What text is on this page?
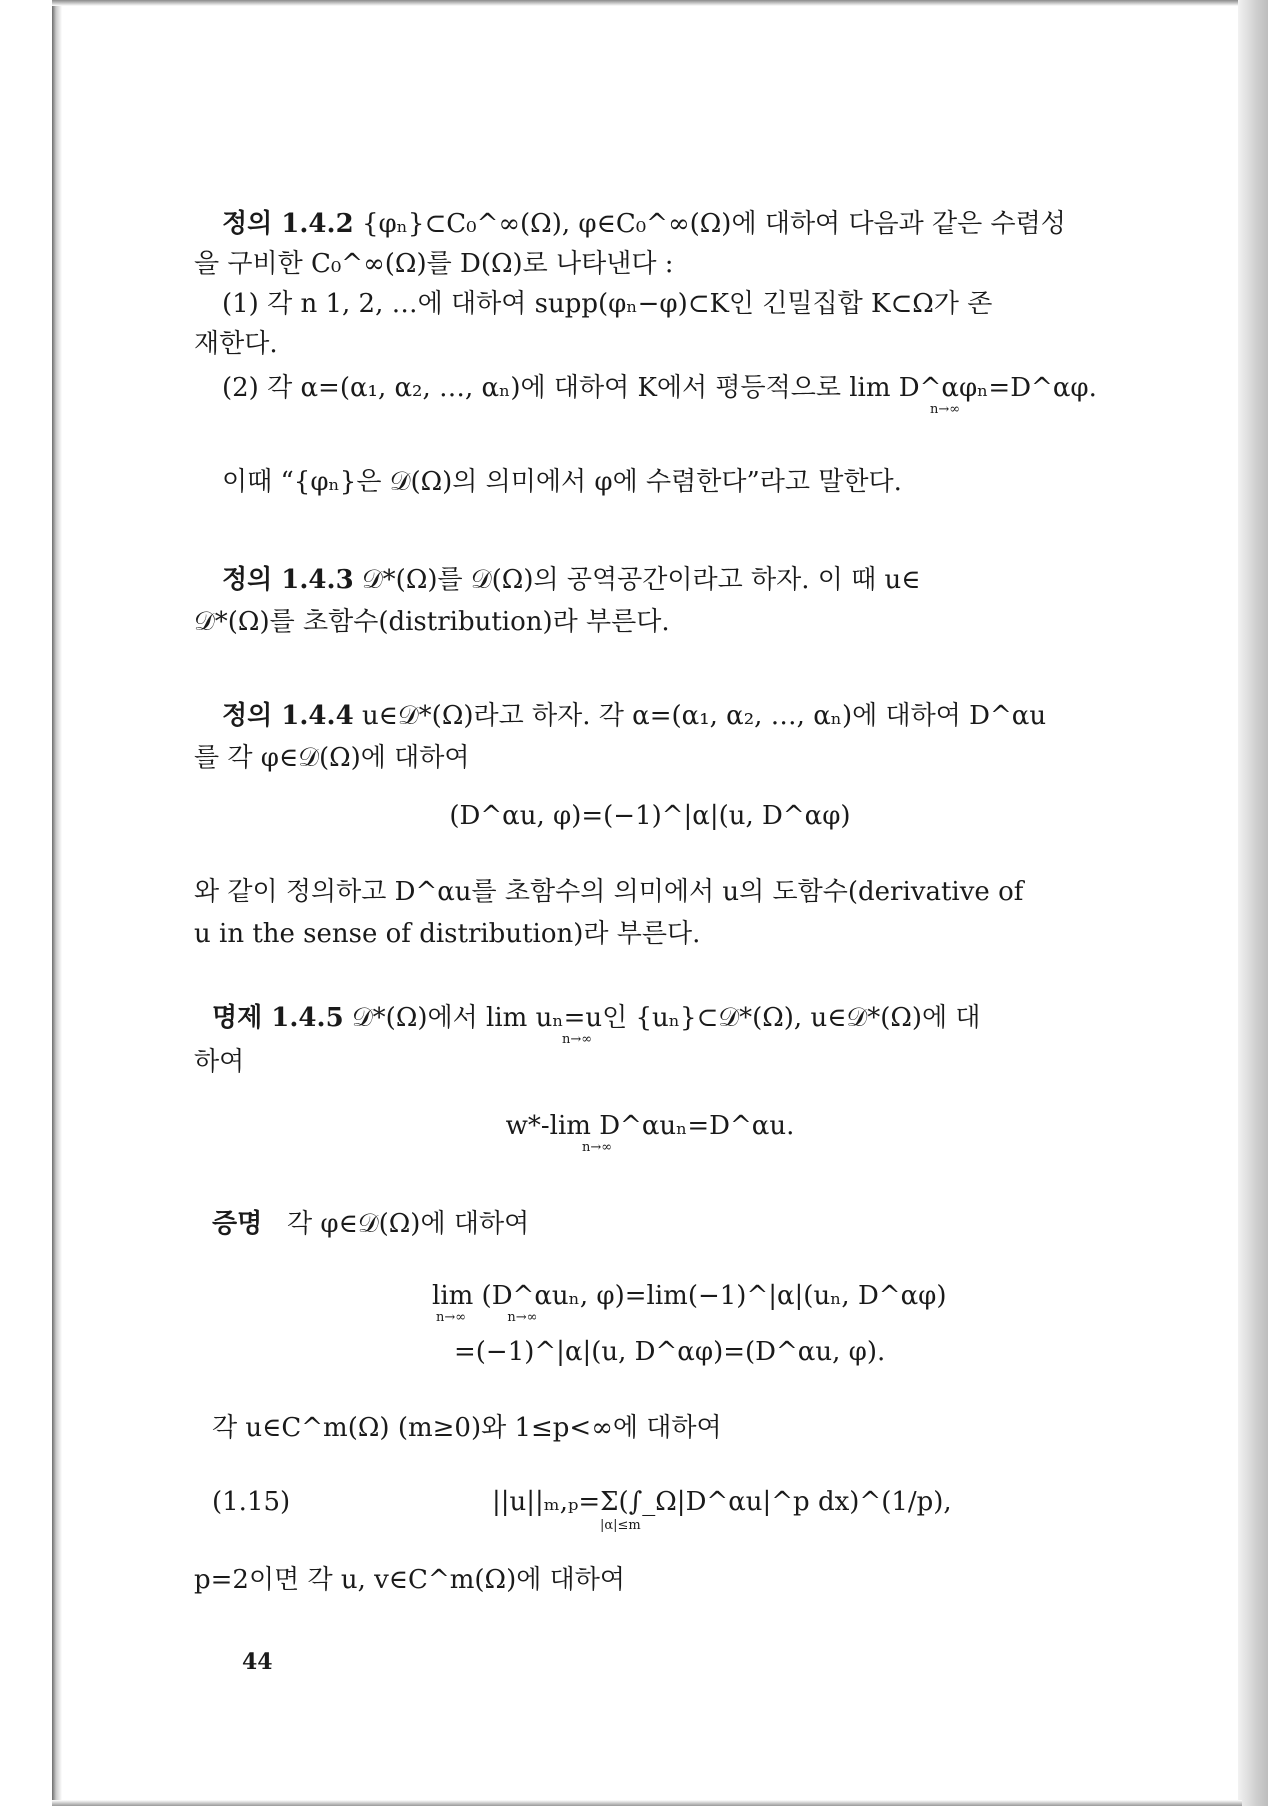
정의 1.4.2 {φₙ}⊂C₀^∞(Ω), φ∈C₀^∞(Ω)에 대하여 다음과 같은 수렴성
을 구비한 C₀^∞(Ω)를 D(Ω)로 나타낸다 :
(1) 각 n 1, 2, …에 대하여 supp(φₙ−φ)⊂K인 긴밀집합 K⊂Ω가 존
재한다.
(2) 각 α=(α₁, α₂, …, αₙ)에 대하여 K에서 평등적으로 lim D^αφₙ=D^αφ.
n→∞
이때 “{φₙ}은 𝒟(Ω)의 의미에서 φ에 수렴한다”라고 말한다.
정의 1.4.3 𝒟*(Ω)를 𝒟(Ω)의 공역공간이라고 하자. 이 때 u∈
𝒟*(Ω)를 초함수(distribution)라 부른다.
정의 1.4.4 u∈𝒟*(Ω)라고 하자. 각 α=(α₁, α₂, …, αₙ)에 대하여 D^αu
를 각 φ∈𝒟(Ω)에 대하여
(D^αu, φ)=(−1)^|α|(u, D^αφ)
와 같이 정의하고 D^αu를 초함수의 의미에서 u의 도함수(derivative of
u in the sense of distribution)라 부른다.
명제 1.4.5 𝒟*(Ω)에서 lim uₙ=u인 {uₙ}⊂𝒟*(Ω), u∈𝒟*(Ω)에 대
n→∞
하여
w*-lim D^αuₙ=D^αu.
n→∞
증명 각 φ∈𝒟(Ω)에 대하여
lim (D^αuₙ, φ)=lim(−1)^|α|(uₙ, D^αφ)
n→∞          n→∞
=(−1)^|α|(u, D^αφ)=(D^αu, φ).
각 u∈C^m(Ω) (m≥0)와 1≤p<∞에 대하여
(1.15)	||u||ₘ,ₚ=Σ(∫_Ω|D^αu|^p dx)^(1/p),
|α|≤m
p=2이면 각 u, v∈C^m(Ω)에 대하여
44
